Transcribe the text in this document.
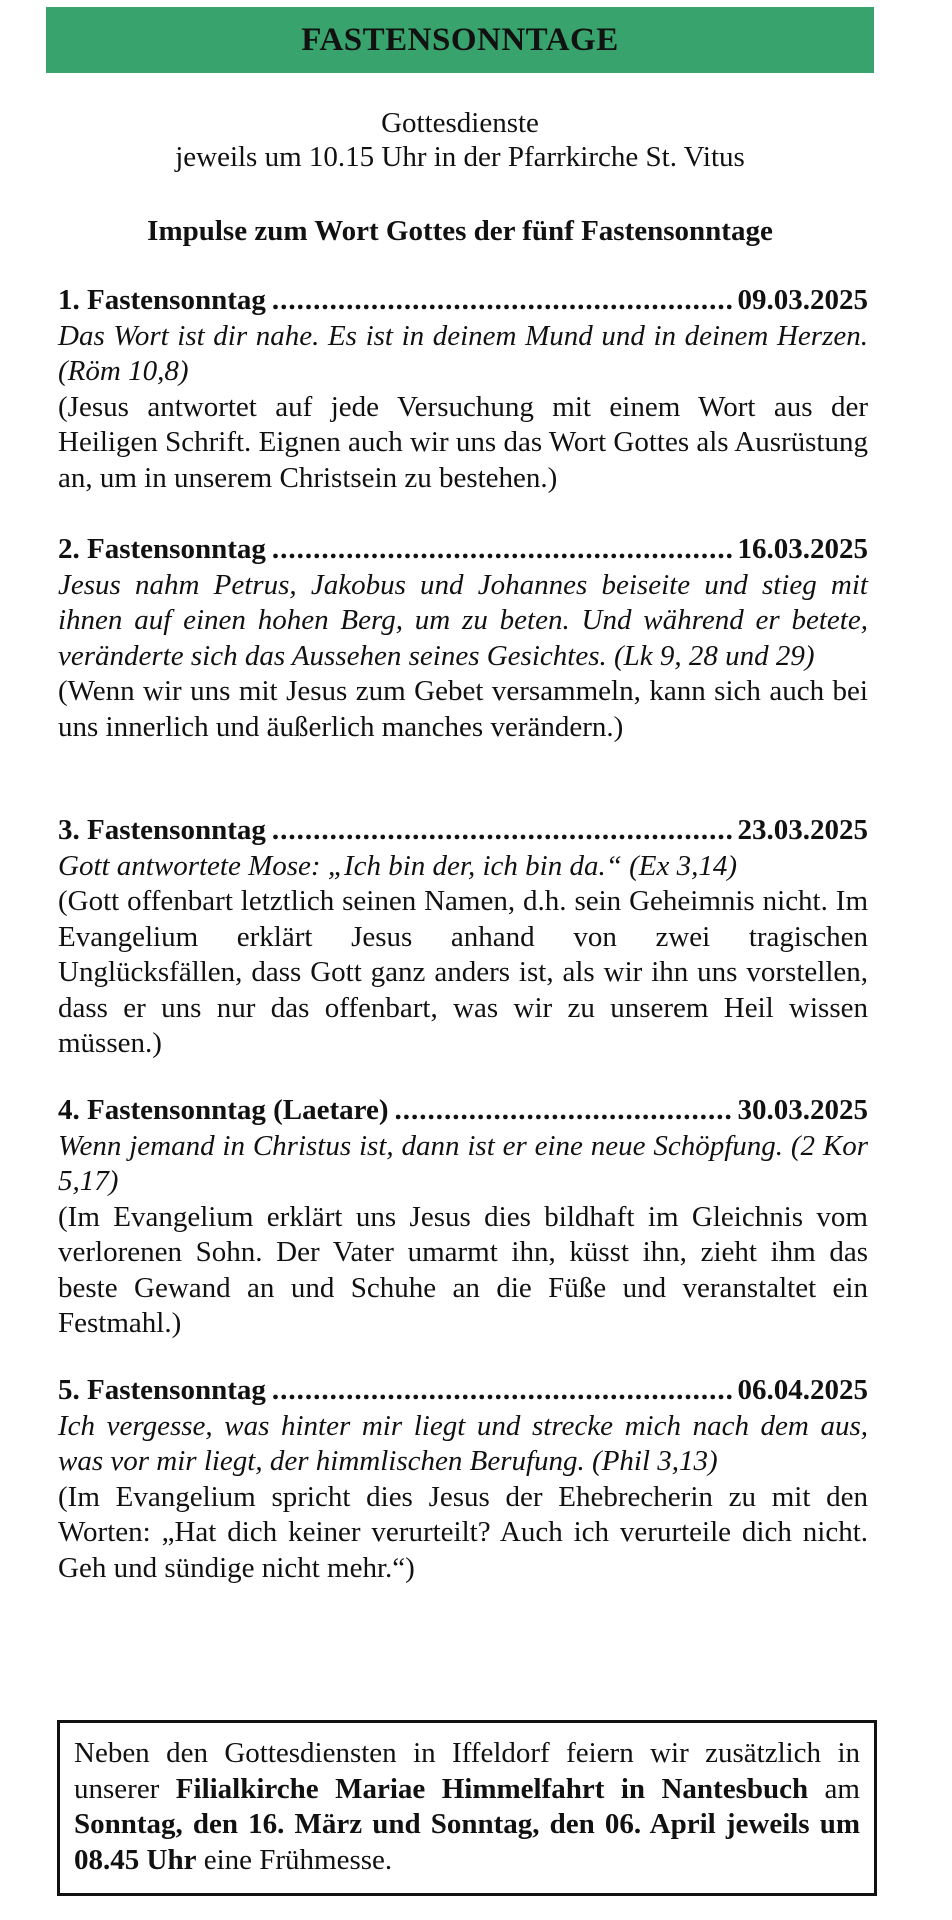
FASTENSONNTAGE
Gottesdienste
jeweils um 10.15 Uhr in der Pfarrkirche St. Vitus
Impulse zum Wort Gottes der fünf Fastensonntage
1. Fastensonntag .....	09.03.2025
Das Wort ist dir nahe. Es ist in deinem Mund und in deinem Herzen. (Röm 10,8)
(Jesus antwortet auf jede Versuchung mit einem Wort aus der Heiligen Schrift. Eignen auch wir uns das Wort Gottes als Ausrüstung an, um in unserem Christsein zu bestehen.)
2. Fastensonntag .....	16.03.2025
Jesus nahm Petrus, Jakobus und Johannes beiseite und stieg mit ihnen auf einen hohen Berg, um zu beten. Und während er betete, veränderte sich das Aussehen seines Gesichtes. (Lk 9, 28 und 29)
(Wenn wir uns mit Jesus zum Gebet versammeln, kann sich auch bei uns innerlich und äußerlich manches verändern.)
3. Fastensonntag .....	23.03.2025
Gott antwortete Mose: „Ich bin der, ich bin da.“ (Ex 3,14)
(Gott offenbart letztlich seinen Namen, d.h. sein Geheimnis nicht. Im Evangelium erklärt Jesus anhand von zwei tragischen Unglücksfällen, dass Gott ganz anders ist, als wir ihn uns vorstellen, dass er uns nur das offenbart, was wir zu unserem Heil wissen müssen.)
4. Fastensonntag (Laetare) .....	30.03.2025
Wenn jemand in Christus ist, dann ist er eine neue Schöpfung. (2 Kor 5,17)
(Im Evangelium erklärt uns Jesus dies bildhaft im Gleichnis vom verlorenen Sohn. Der Vater umarmt ihn, küsst ihn, zieht ihm das beste Gewand an und Schuhe an die Füße und veranstaltet ein Festmahl.)
5. Fastensonntag .....	06.04.2025
Ich vergesse, was hinter mir liegt und strecke mich nach dem aus, was vor mir liegt, der himmlischen Berufung. (Phil 3,13)
(Im Evangelium spricht dies Jesus der Ehebrecherin zu mit den Worten: „Hat dich keiner verurteilt? Auch ich verurteile dich nicht. Geh und sündige nicht mehr.“)
Neben den Gottesdiensten in Iffeldorf feiern wir zusätzlich in unserer Filialkirche Mariae Himmelfahrt in Nantesbuch am Sonntag, den 16. März und Sonntag, den 06. April jeweils um 08.45 Uhr eine Frühmesse.
